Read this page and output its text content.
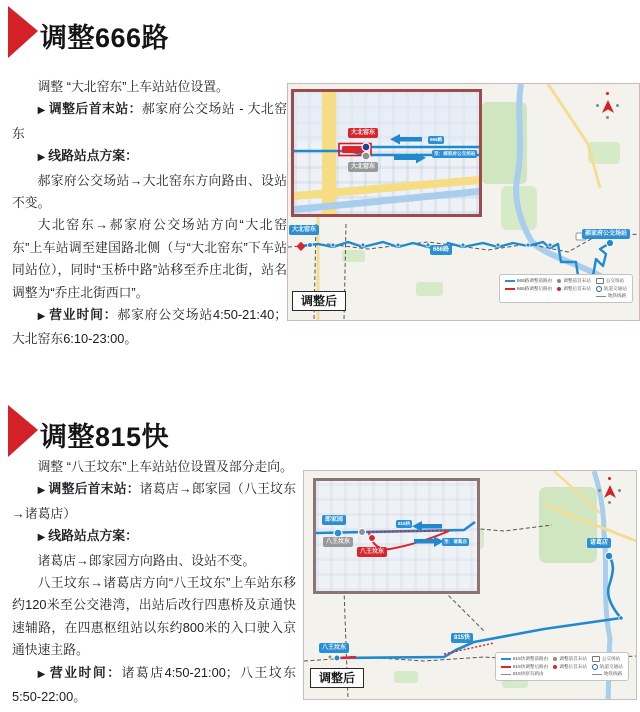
调整666路

调整 “大北窑东”上车站站位设置。

▶ 调整后首末站：郝家府公交场站 - 大北窑东

▶ 线路站点方案：

郝家府公交场站→大北窑东方向路由、设站不变。

大北窑东→郝家府公交场站方向“大北窑东”上车站调至建国路北侧（与“大北窑东”下车站同站位），同时“玉桥中路”站移至乔庄北街，站名调整为“乔庄北街西口”。

▶ 营业时间：郝家府公交场站4:50-21:40；大北窑东6:10-23:00。

大北窑东
大北窑东
666路
至：郝家府公交场站
大北窑东
郝家府公交场站
666路
666路调整前路由
666路调整后路由
调整前首末站
调整后首末站
公交场站
轨道交通站
地铁线路
调整后
调整815快

调整 “八王坟东”上车站站位设置及部分走向。

▶ 调整后首末站：诸葛店→郎家园（八王坟东→诸葛店）

▶ 线路站点方案：

诸葛店→郎家园方向路由、设站不变。

八王坟东→诸葛店方向“八王坟东”上车站东移约120米至公交港湾，出站后改行四惠桥及京通快速辅路，在四惠枢纽站以东约800米的入口驶入京通快速主路。

▶ 营业时间：诸葛店4:50-21:00；八王坟东5:50-22:00。

郎家园
八王坟东
八王坟东
815快
至：诸葛店	诸葛店
815快
八王坟东
815快调整前路由
815快调整后路由
815快原有路由
调整前首末站
调整后首末站
公交场站
轨道交通站
地铁线路
调整后
